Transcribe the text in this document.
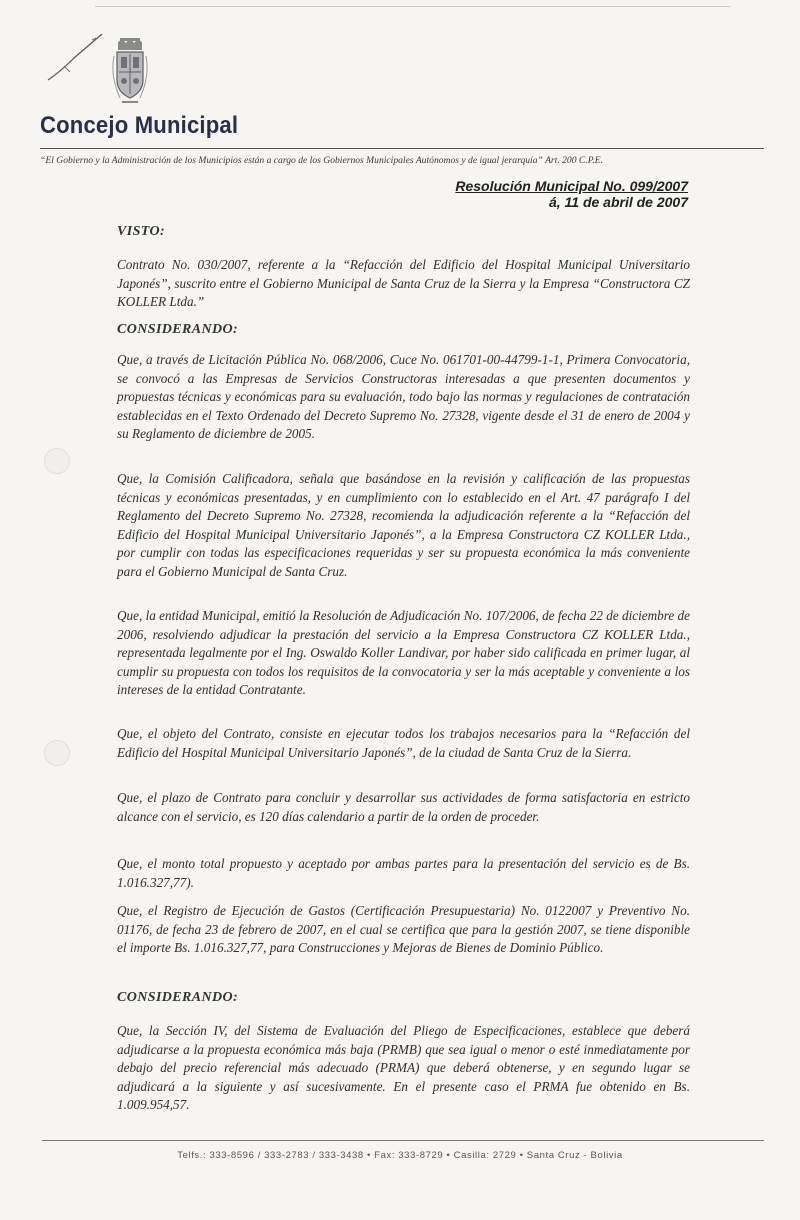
Concejo Municipal
“El Gobierno y la Administración de los Municipios están a cargo de los Gobiernos Municipales Autónomos y de igual jerarquía” Art. 200 C.P.E.
Resolución Municipal No. 099/2007
á, 11 de abril de 2007
VISTO:
Contrato No. 030/2007, referente a la “Refacción del Edificio del Hospital Municipal Universitario Japonés”, suscrito entre el Gobierno Municipal de Santa Cruz de la Sierra y la Empresa “Constructora CZ KOLLER Ltda.”
CONSIDERANDO:
Que, a través de Licitación Pública No. 068/2006, Cuce No. 061701-00-44799-1-1, Primera Convocatoria, se convocó a las Empresas de Servicios Constructoras interesadas a que presenten documentos y propuestas técnicas y económicas para su evaluación, todo bajo las normas y regulaciones de contratación establecidas en el Texto Ordenado del Decreto Supremo No. 27328, vigente desde el 31 de enero de 2004 y su Reglamento de diciembre de 2005.
Que, la Comisión Calificadora, señala que basándose en la revisión y calificación de las propuestas técnicas y económicas presentadas, y en cumplimiento con lo establecido en el Art. 47 parágrafo I del Reglamento del Decreto Supremo No. 27328, recomienda la adjudicación referente a la “Refacción del Edificio del Hospital Municipal Universitario Japonés”, a la Empresa Constructora CZ KOLLER Ltda., por cumplir con todas las especificaciones requeridas y ser su propuesta económica la más conveniente para el Gobierno Municipal de Santa Cruz.
Que, la entidad Municipal, emitió la Resolución de Adjudicación No. 107/2006, de fecha 22 de diciembre de 2006, resolviendo adjudicar la prestación del servicio a la Empresa Constructora CZ KOLLER Ltda., representada legalmente por el Ing. Oswaldo Koller Landivar, por haber sido calificada en primer lugar, al cumplir su propuesta con todos los requisitos de la convocatoria y ser la más aceptable y conveniente a los intereses de la entidad Contratante.
Que, el objeto del Contrato, consiste en ejecutar todos los trabajos necesarios para la “Refacción del Edificio del Hospital Municipal Universitario Japonés”, de la ciudad de Santa Cruz de la Sierra.
Que, el plazo de Contrato para concluir y desarrollar sus actividades de forma satisfactoria en estricto alcance con el servicio, es 120 días calendario a partir de la orden de proceder.
Que, el monto total propuesto y aceptado por ambas partes para la presentación del servicio es de Bs. 1.016.327,77).
Que, el Registro de Ejecución de Gastos (Certificación Presupuestaria) No. 0122007 y Preventivo No. 01176, de fecha 23 de febrero de 2007, en el cual se certifica que para la gestión 2007, se tiene disponible el importe Bs. 1.016.327,77, para Construcciones y Mejoras de Bienes de Dominio Público.
CONSIDERANDO:
Que, la Sección IV, del Sistema de Evaluación del Pliego de Especificaciones, establece que deberá adjudicarse a la propuesta económica más baja (PRMB) que sea igual o menor o esté inmediatamente por debajo del precio referencial más adecuado (PRMA) que deberá obtenerse, y en segundo lugar se adjudicará a la siguiente y así sucesivamente. En el presente caso el PRMA fue obtenido en Bs. 1.009.954,57.
Telfs.: 333-8596 / 333-2783 / 333-3438 • Fax: 333-8729 • Casilla: 2729 • Santa Cruz - Bolivia
